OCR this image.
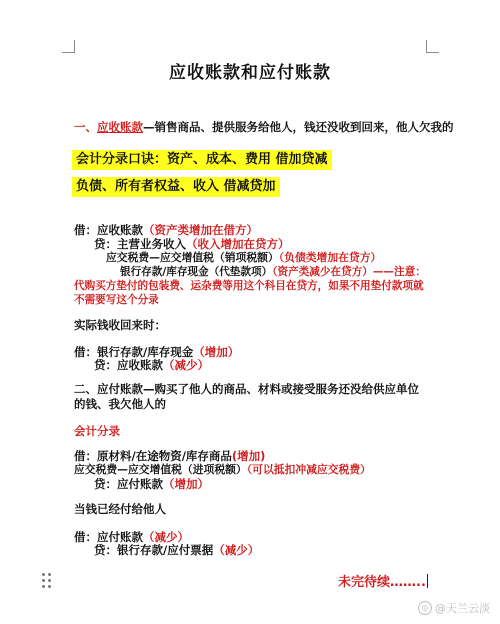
应收账款和应付账款
一、应收账款—销售商品、提供服务给他人，钱还没收到回来，他人欠我的
会计分录口诀：资产、成本、费用 借加贷减
负债、所有者权益、收入 借减贷加
借：应收账款（资产类增加在借方）
贷：主营业务收入（收入增加在贷方）
应交税费—应交增值税（销项税额）（负债类增加在贷方）
银行存款/库存现金（代垫款项）（资产类减少在贷方）——注意：代购买方垫付的包装费、运杂费等用这个科目在贷方，如果不用垫付款项就不需要写这个分录
实际钱收回来时：
借：银行存款/库存现金（增加）
贷：应收账款（减少）
二、应付账款—购买了他人的商品、材料或接受服务还没给供应单位的钱、我欠他人的
会计分录
借：原材料/在途物资/库存商品(增加)
应交税费—应交增值税（进项税额）（可以抵扣冲减应交税费）
贷：应付账款（增加）
当钱已经付给他人
借：应付账款（减少）
贷：银行存款/应付票据（减少）
未完待续……..
◎ @天兰云淡
